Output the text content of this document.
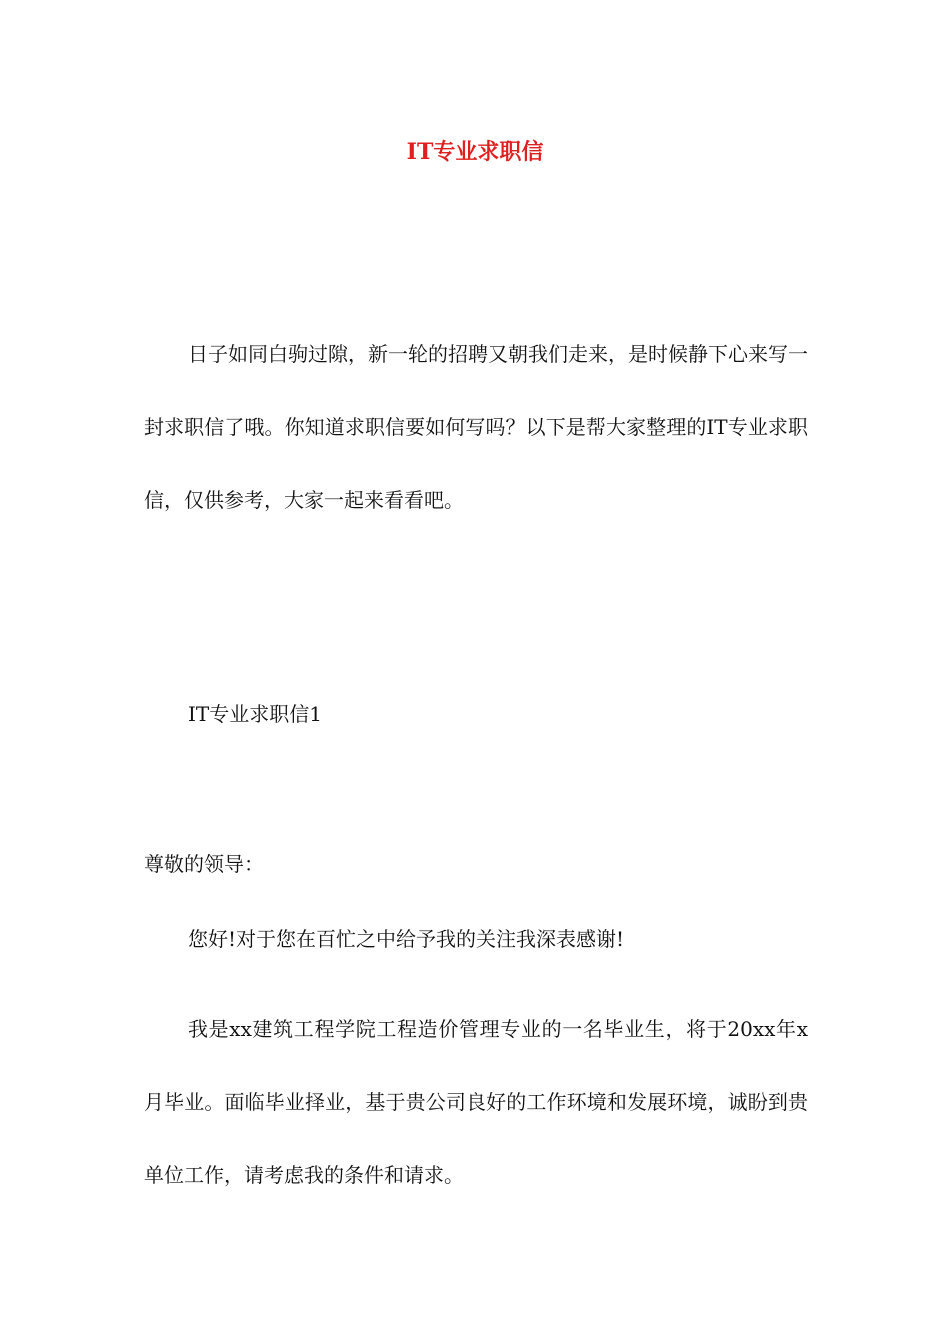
IT专业求职信

日子如同白驹过隙，新一轮的招聘又朝我们走来，是时候静下心来写一封求职信了哦。你知道求职信要如何写吗？以下是帮大家整理的IT专业求职信，仅供参考，大家一起来看看吧。

IT专业求职信1

尊敬的领导：

您好!对于您在百忙之中给予我的关注我深表感谢!

我是xx建筑工程学院工程造价管理专业的一名毕业生，将于20xx年x月毕业。面临毕业择业，基于贵公司良好的工作环境和发展环境，诚盼到贵单位工作，请考虑我的条件和请求。
